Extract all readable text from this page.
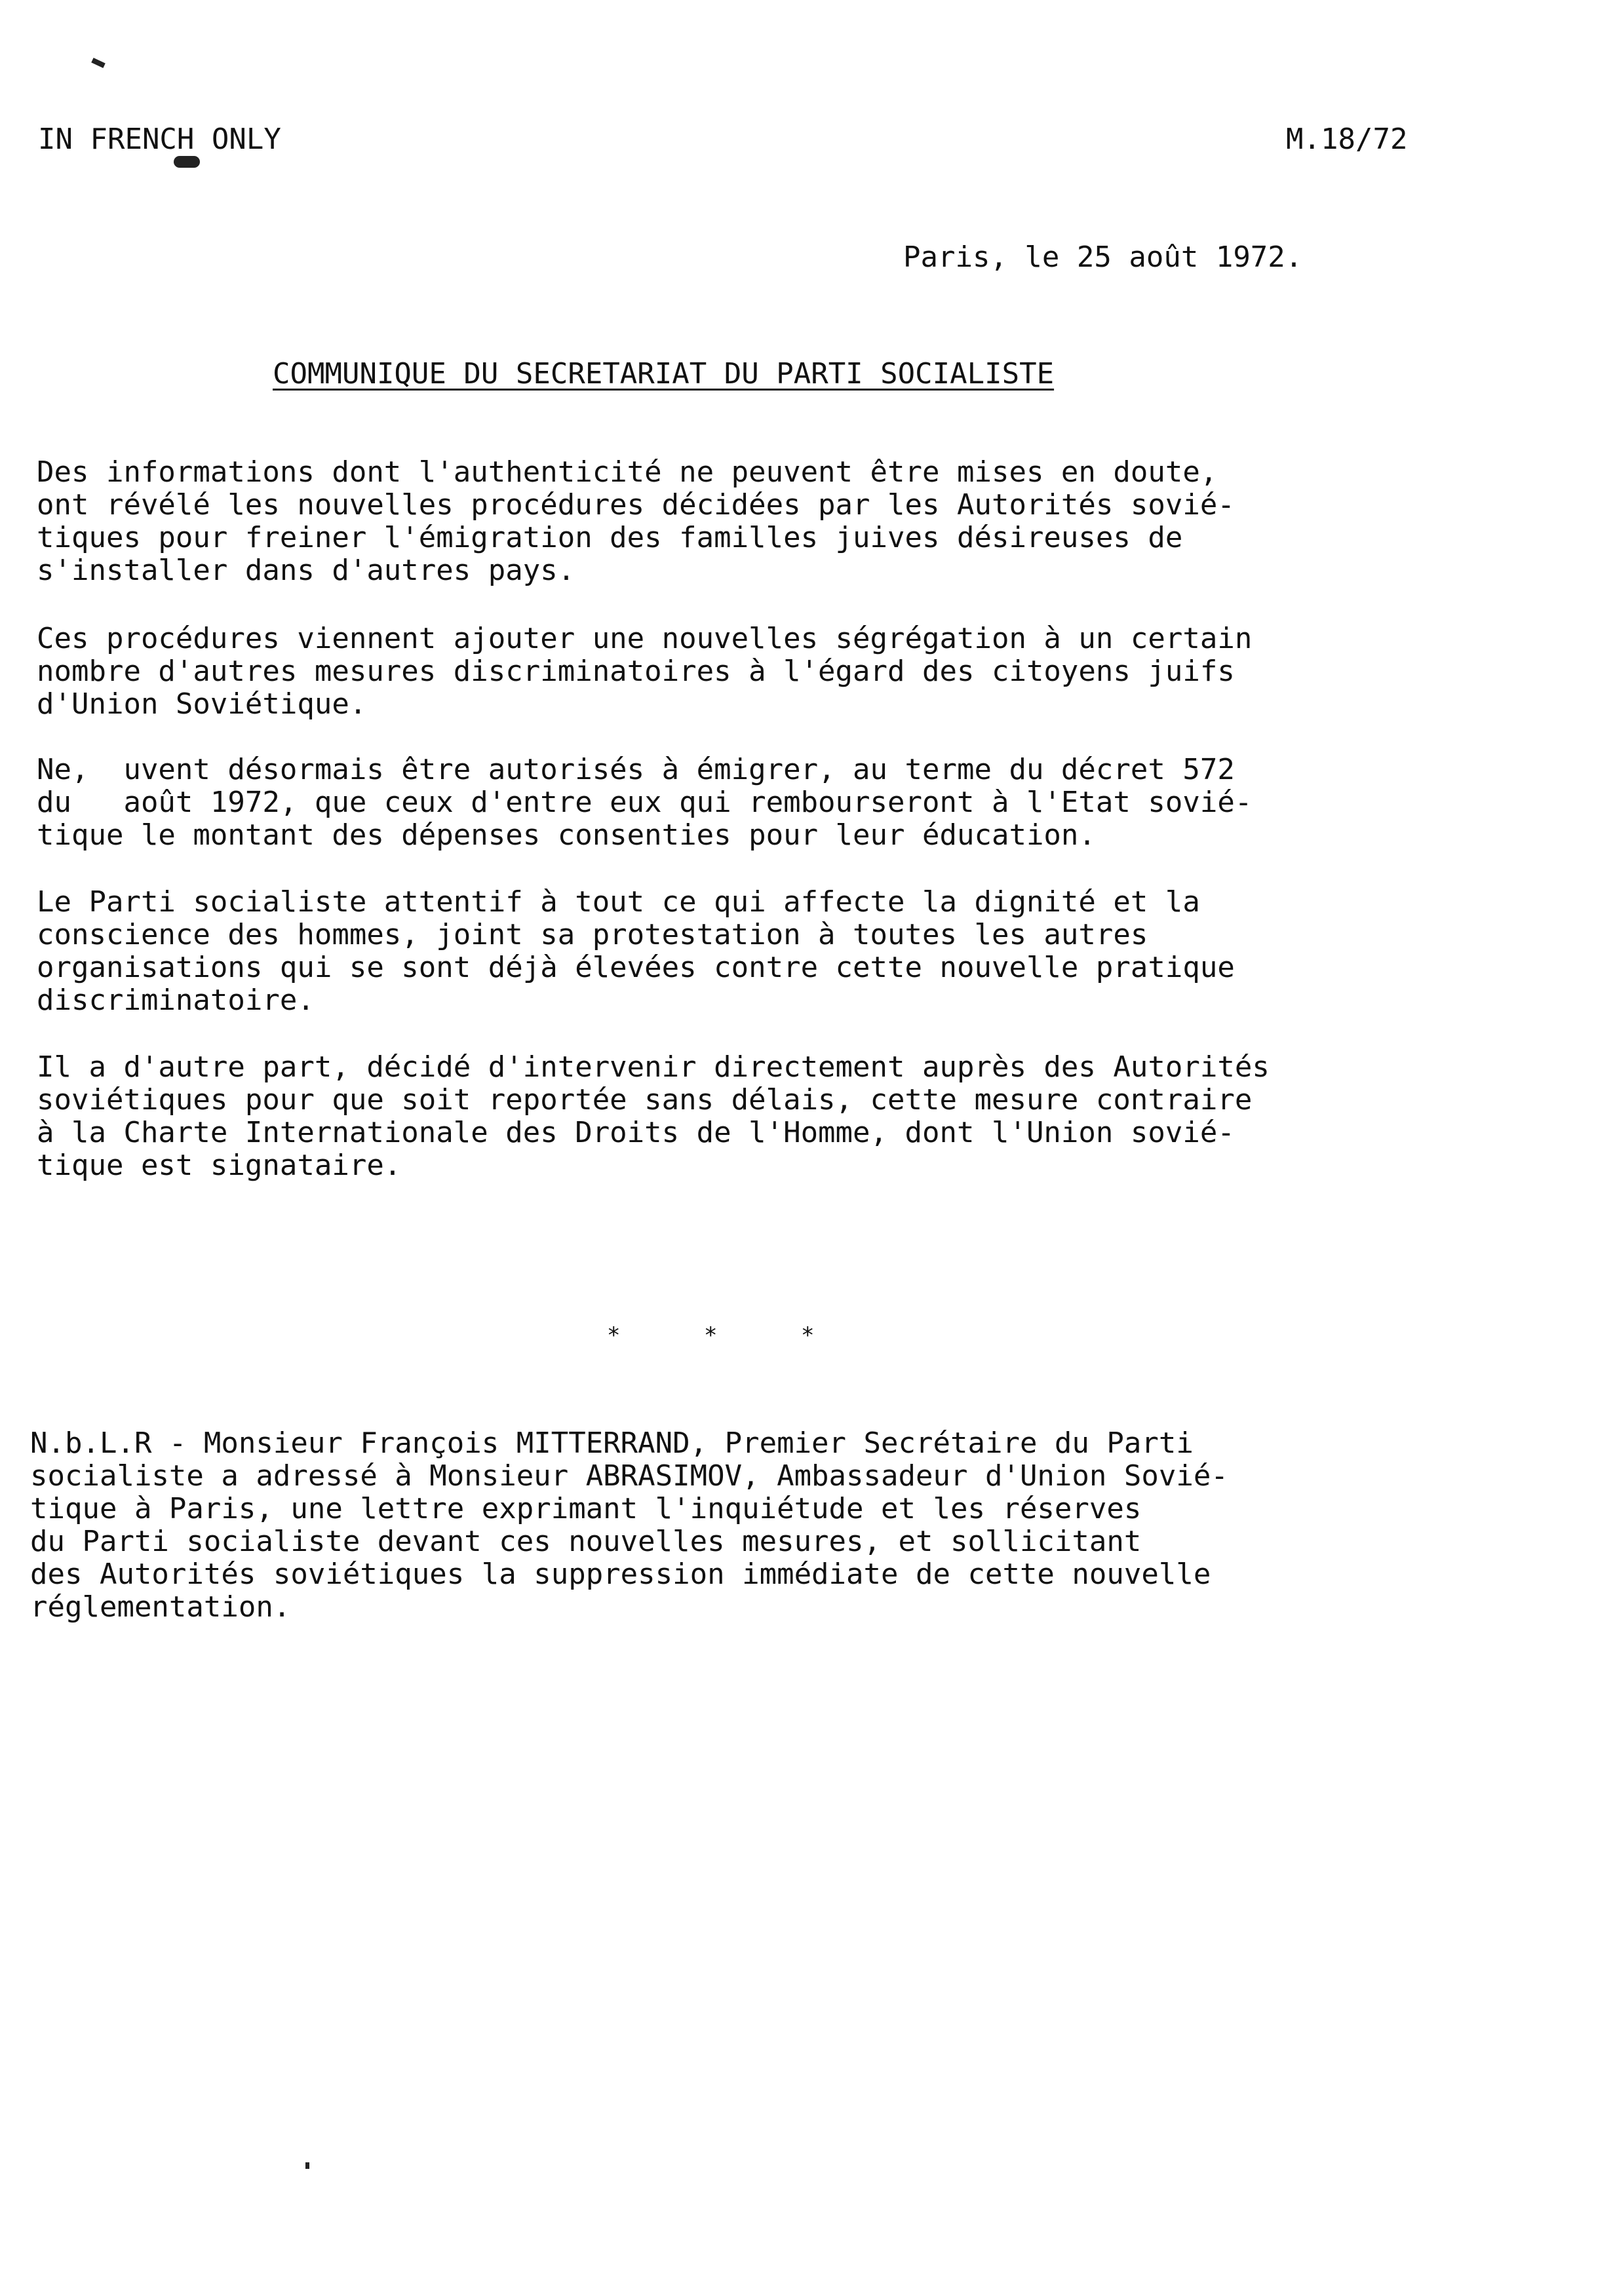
IN FRENCH ONLY	M.18/72
Paris, le 25 août 1972.
COMMUNIQUE DU SECRETARIAT DU PARTI SOCIALISTE
Des informations dont l'authenticité ne peuvent être mises en doute,
ont révélé les nouvelles procédures décidées par les Autorités sovié-
tiques pour freiner l'émigration des familles juives désireuses de
s'installer dans d'autres pays.
Ces procédures viennent ajouter une nouvelles ségrégation à un certain
nombre d'autres mesures discriminatoires à l'égard des citoyens juifs
d'Union Soviétique.
Ne,  uvent désormais être autorisés à émigrer, au terme du décret 572
du   août 1972, que ceux d'entre eux qui rembourseront à l'Etat sovié-
tique le montant des dépenses consenties pour leur éducation.
Le Parti socialiste attentif à tout ce qui affecte la dignité et la
conscience des hommes, joint sa protestation à toutes les autres
organisations qui se sont déjà élevées contre cette nouvelle pratique
discriminatoire.
Il a d'autre part, décidé d'intervenir directement auprès des Autorités
soviétiques pour que soit reportée sans délais, cette mesure contraire
à la Charte Internationale des Droits de l'Homme, dont l'Union sovié-
tique est signataire.
*	*	*
N.b.L.R - Monsieur François MITTERRAND, Premier Secrétaire du Parti
socialiste a adressé à Monsieur ABRASIMOV, Ambassadeur d'Union Sovié-
tique à Paris, une lettre exprimant l'inquiétude et les réserves
du Parti socialiste devant ces nouvelles mesures, et sollicitant
des Autorités soviétiques la suppression immédiate de cette nouvelle
réglementation.
